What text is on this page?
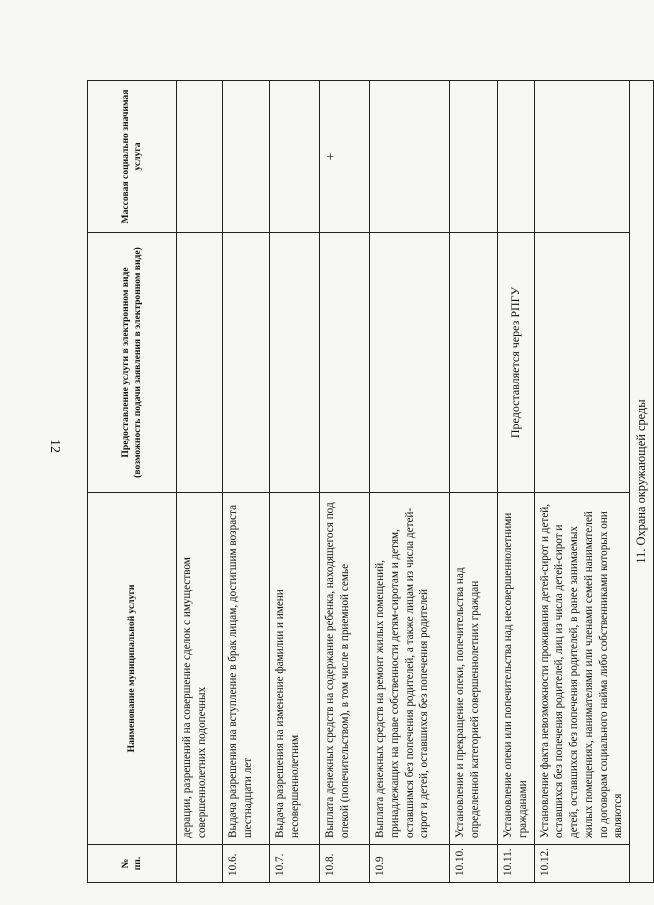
12
№ пп.	Наименование муниципальной услуги	Предоставление услуги в электронном виде (возможность подачи заявления в электронном виде)	Массовая социально значимая услуга
	дерации, разрешений на совершение сделок с имуществом совершеннолетних подопечных		
10.6.	Выдача разрешения на вступление в брак лицам, достигшим возраста шестнадцати лет		
10.7.	Выдача разрешения на изменение фамилии и имени несовершеннолетним		
10.8.	Выплата денежных средств на содержание ребенка, находящегося под опекой (попечительством), в том числе в приемной семье		+
10.9	Выплата денежных средств на ремонт жилых помещений, принадлежащих на праве собственности детям-сиротам и детям, оставшимся без попечения родителей, а также лицам из числа детей-сирот и детей, оставшихся без попечения родителей		
10.10.	Установление и прекращение опеки, попечительства над определенной категорией совершеннолетних граждан		
10.11.	Установление опеки или попечительства над несовершеннолетними гражданами	Предоставляется через РПГУ	
10.12.	Установление факта невозможности проживания детей-сирот и детей, оставшихся без попечения родителей, лиц из числа детей-сирот и детей, оставшихся без попечения родителей, в ранее занимаемых жилых помещениях, нанимателями или членами семей нанимателей по договорам социального найма либо собственниками которых они являются		
11. Охрана окружающей среды			
